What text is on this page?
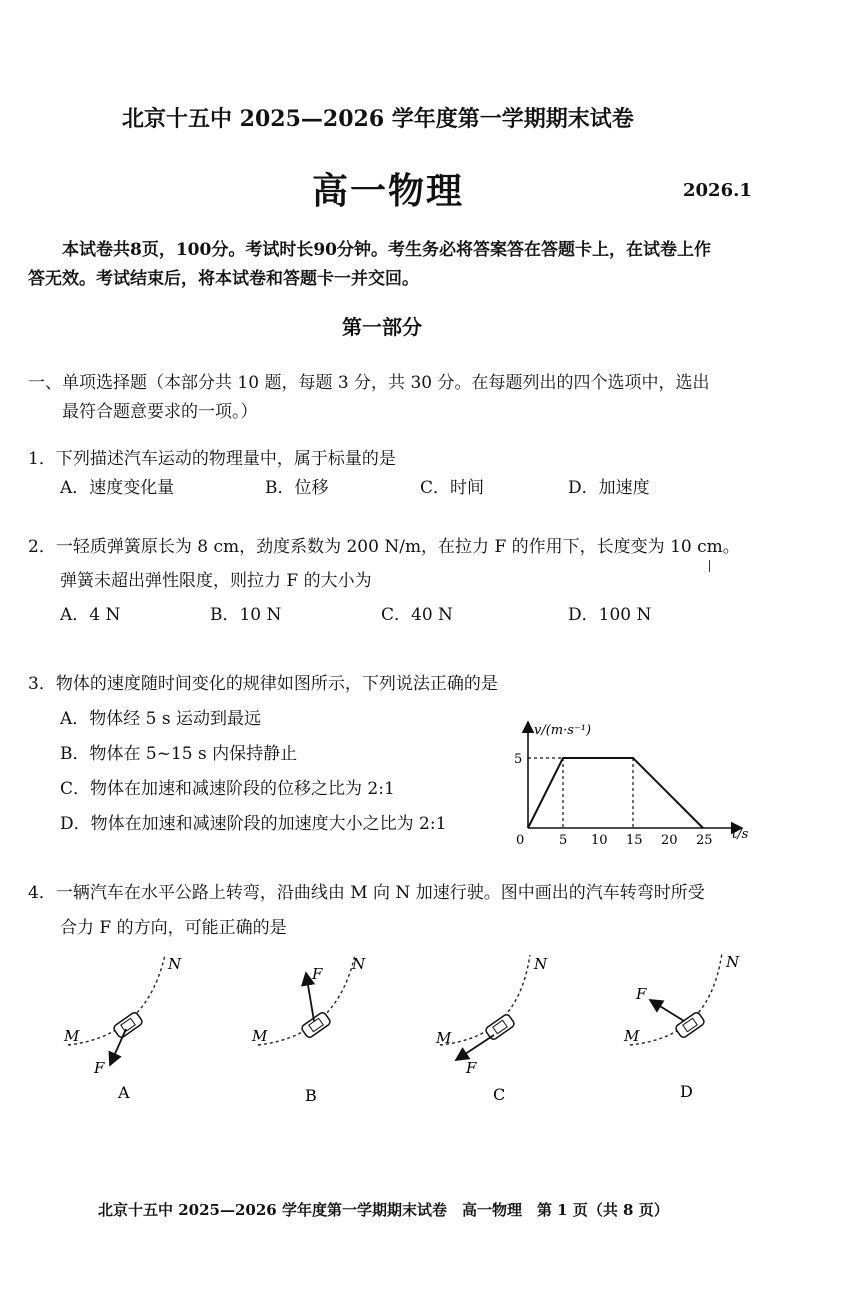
北京十五中 2025—2026 学年度第一学期期末试卷
高一物理	2026.1
本试卷共8页，100分。考试时长90分钟。考生务必将答案答在答题卡上，在试卷上作
答无效。考试结束后，将本试卷和答题卡一并交回。
第一部分
一、单项选择题（本部分共 10 题，每题 3 分，共 30 分。在每题列出的四个选项中，选出
最符合题意要求的一项。）
1．下列描述汽车运动的物理量中，属于标量的是
A．速度变化量	B．位移	C．时间	D．加速度
2．一轻质弹簧原长为 8 cm，劲度系数为 200 N/m，在拉力 F 的作用下，长度变为 10 cm。
弹簧未超出弹性限度，则拉力 F 的大小为
A．4 N	B．10 N	C．40 N	D．100 N
3．物体的速度随时间变化的规律如图所示，下列说法正确的是
A．物体经 5 s 运动到最远
B．物体在 5~15 s 内保持静止
C．物体在加速和减速阶段的位移之比为 2:1
D．物体在加速和减速阶段的加速度大小之比为 2:1
v/(m·s⁻¹)
t/s
0	5 10 15 20 25
5
4．一辆汽车在水平公路上转弯，沿曲线由 M 向 N 加速行驶。图中画出的汽车转弯时所受
合力 F 的方向，可能正确的是
M
N
F
A
M
N
F
B
M
N
F
C
M
N
F
D
北京十五中 2025—2026 学年度第一学期期末试卷　高一物理　第 1 页（共 8 页）
